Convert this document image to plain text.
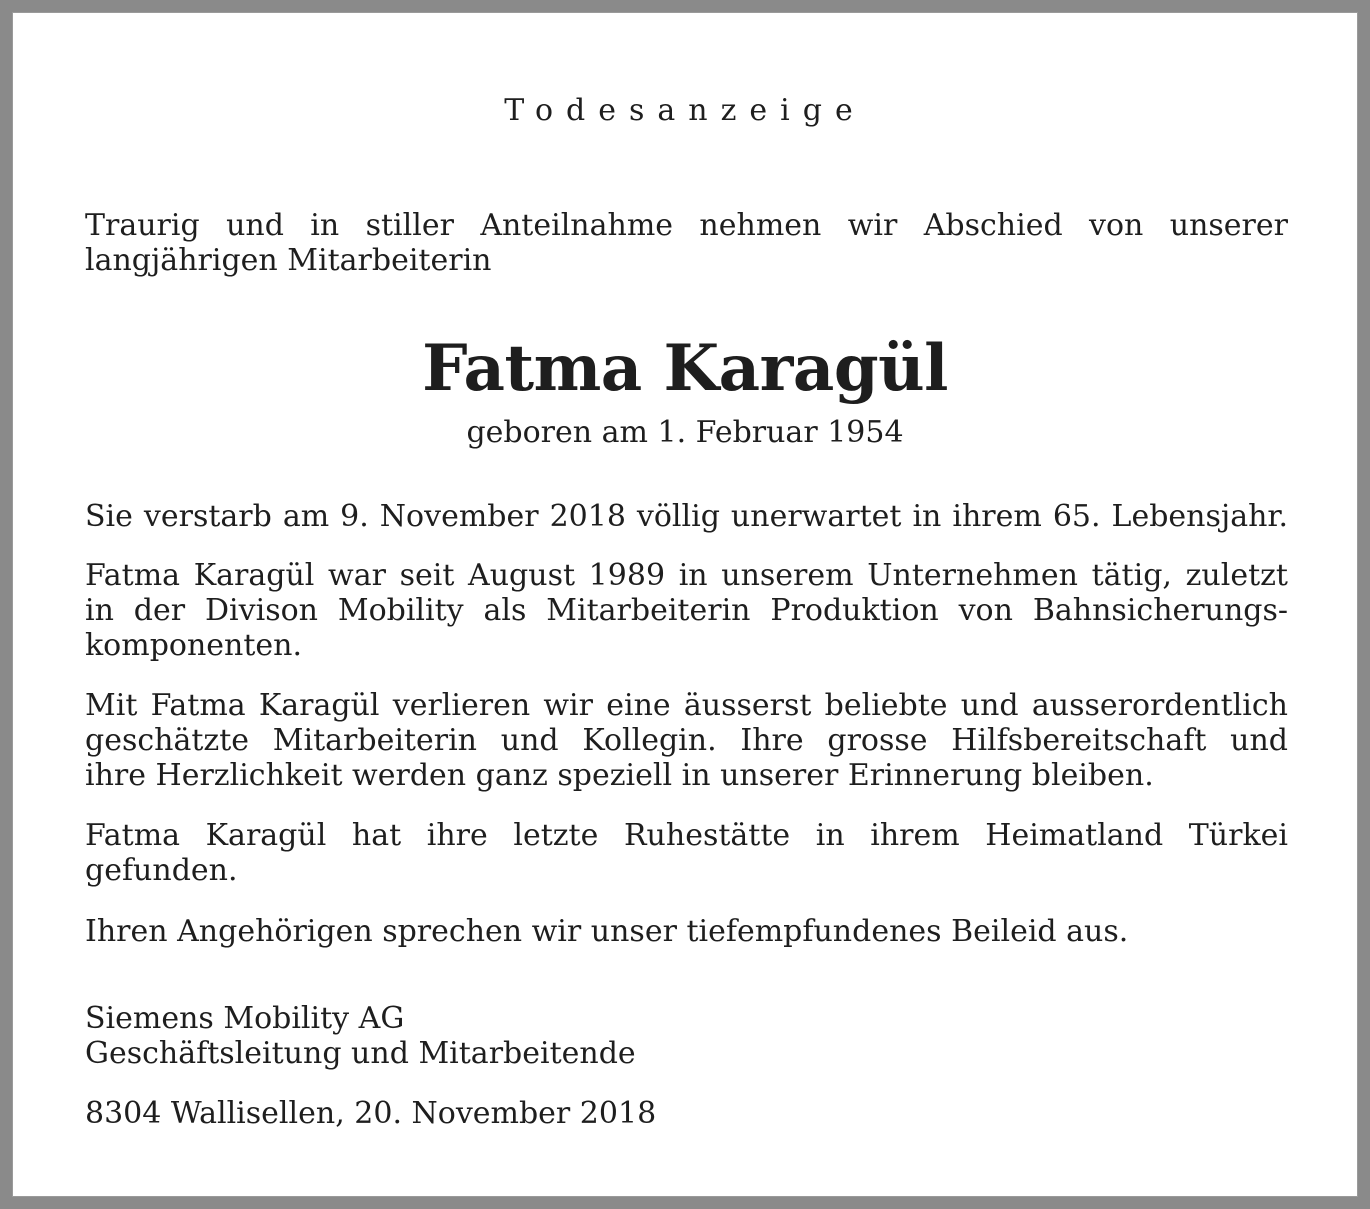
Todesanzeige
Traurig und in stiller Anteilnahme nehmen wir Abschied von unserer
langjährigen Mitarbeiterin
Fatma Karagül
geboren am 1. Februar 1954
Sie verstarb am 9. November 2018 völlig unerwartet in ihrem 65. Lebensjahr.
Fatma Karagül war seit August 1989 in unserem Unternehmen tätig, zuletzt
in der Divison Mobility als Mitarbeiterin Produktion von Bahnsicherungs-
komponenten.
Mit Fatma Karagül verlieren wir eine äusserst beliebte und ausserordentlich
geschätzte Mitarbeiterin und Kollegin. Ihre grosse Hilfsbereitschaft und
ihre Herzlichkeit werden ganz speziell in unserer Erinnerung bleiben.
Fatma Karagül hat ihre letzte Ruhestätte in ihrem Heimatland Türkei
gefunden.
Ihren Angehörigen sprechen wir unser tiefempfundenes Beileid aus.
Siemens Mobility AG
Geschäftsleitung und Mitarbeitende
8304 Wallisellen, 20. November 2018
